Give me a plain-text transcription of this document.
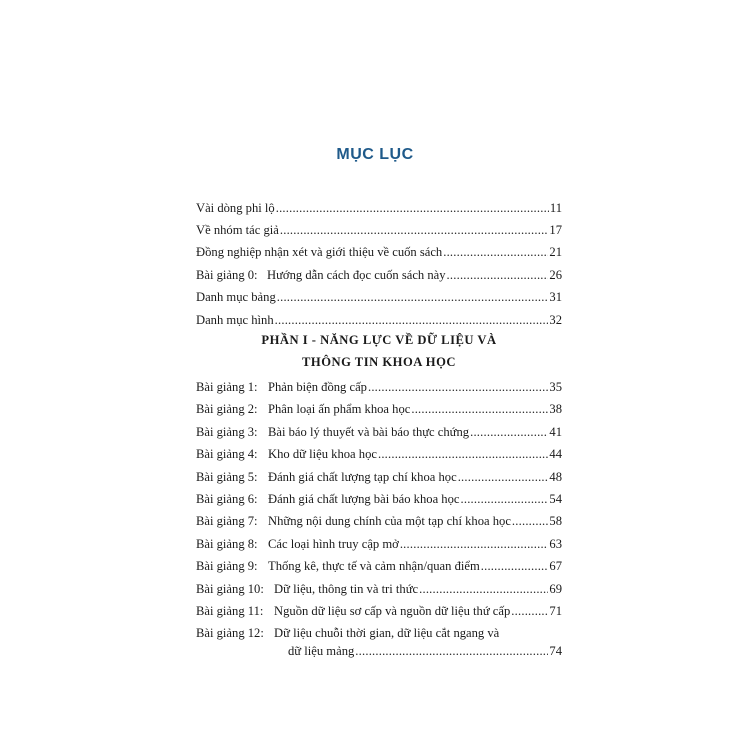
MỤC LỤC
Vài dòng phi lộ .....	11
Về nhóm tác giả .....	17
Đồng nghiệp nhận xét và giới thiệu về cuốn sách .....	21
Bài giảng 0:   Hướng dẫn cách đọc cuốn sách này .....	26
Danh mục bảng .....	31
Danh mục hình .....	32
PHẦN I - NĂNG LỰC VỀ DỮ LIỆU VÀ
THÔNG TIN KHOA HỌC
Bài giảng 1: Phản biện đồng cấp .....	35
Bài giảng 2: Phân loại ấn phẩm khoa học .....	38
Bài giảng 3: Bài báo lý thuyết và bài báo thực chứng .....	41
Bài giảng 4: Kho dữ liệu khoa học .....	44
Bài giảng 5: Đánh giá chất lượng tạp chí khoa học .....	48
Bài giảng 6: Đánh giá chất lượng bài báo khoa học .....	54
Bài giảng 7: Những nội dung chính của một tạp chí khoa học .....	58
Bài giảng 8: Các loại hình truy cập mở .....	63
Bài giảng 9: Thống kê, thực tế và cảm nhận/quan điểm .....	67
Bài giảng 10: Dữ liệu, thông tin và tri thức .....	69
Bài giảng 11: Nguồn dữ liệu sơ cấp và nguồn dữ liệu thứ cấp .....	71
Bài giảng 12: Dữ liệu chuỗi thời gian, dữ liệu cắt ngang và
dữ liệu mảng .....	74
